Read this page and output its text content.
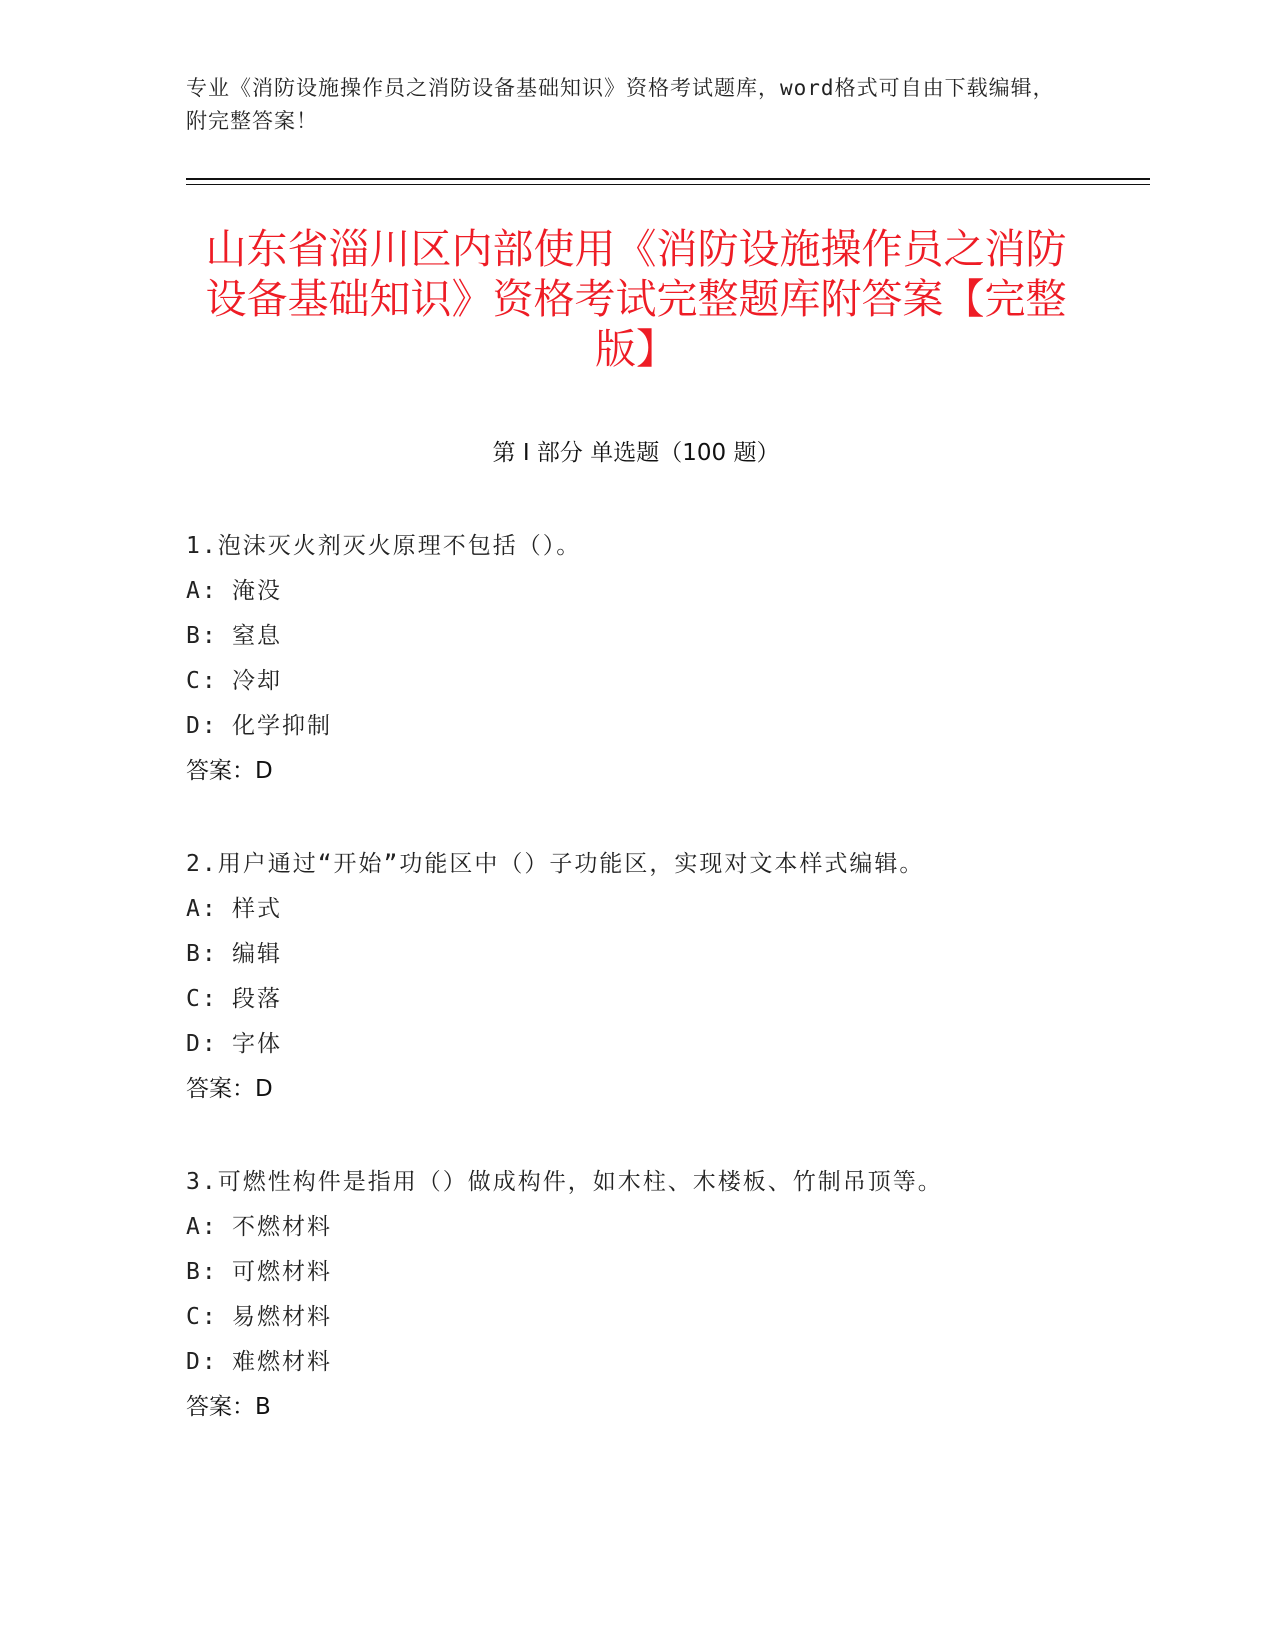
专业《消防设施操作员之消防设备基础知识》资格考试题库，word格式可自由下载编辑，附完整答案！
山东省淄川区内部使用《消防设施操作员之消防设备基础知识》资格考试完整题库附答案【完整版】
第 I 部分 单选题（100 题）
1.泡沫灭火剂灭火原理不包括（）。
A: 淹没
B: 窒息
C: 冷却
D: 化学抑制
答案：D
2.用户通过“开始”功能区中（）子功能区，实现对文本样式编辑。
A: 样式
B: 编辑
C: 段落
D: 字体
答案：D
3.可燃性构件是指用（）做成构件，如木柱、木楼板、竹制吊顶等。
A: 不燃材料
B: 可燃材料
C: 易燃材料
D: 难燃材料
答案：B
